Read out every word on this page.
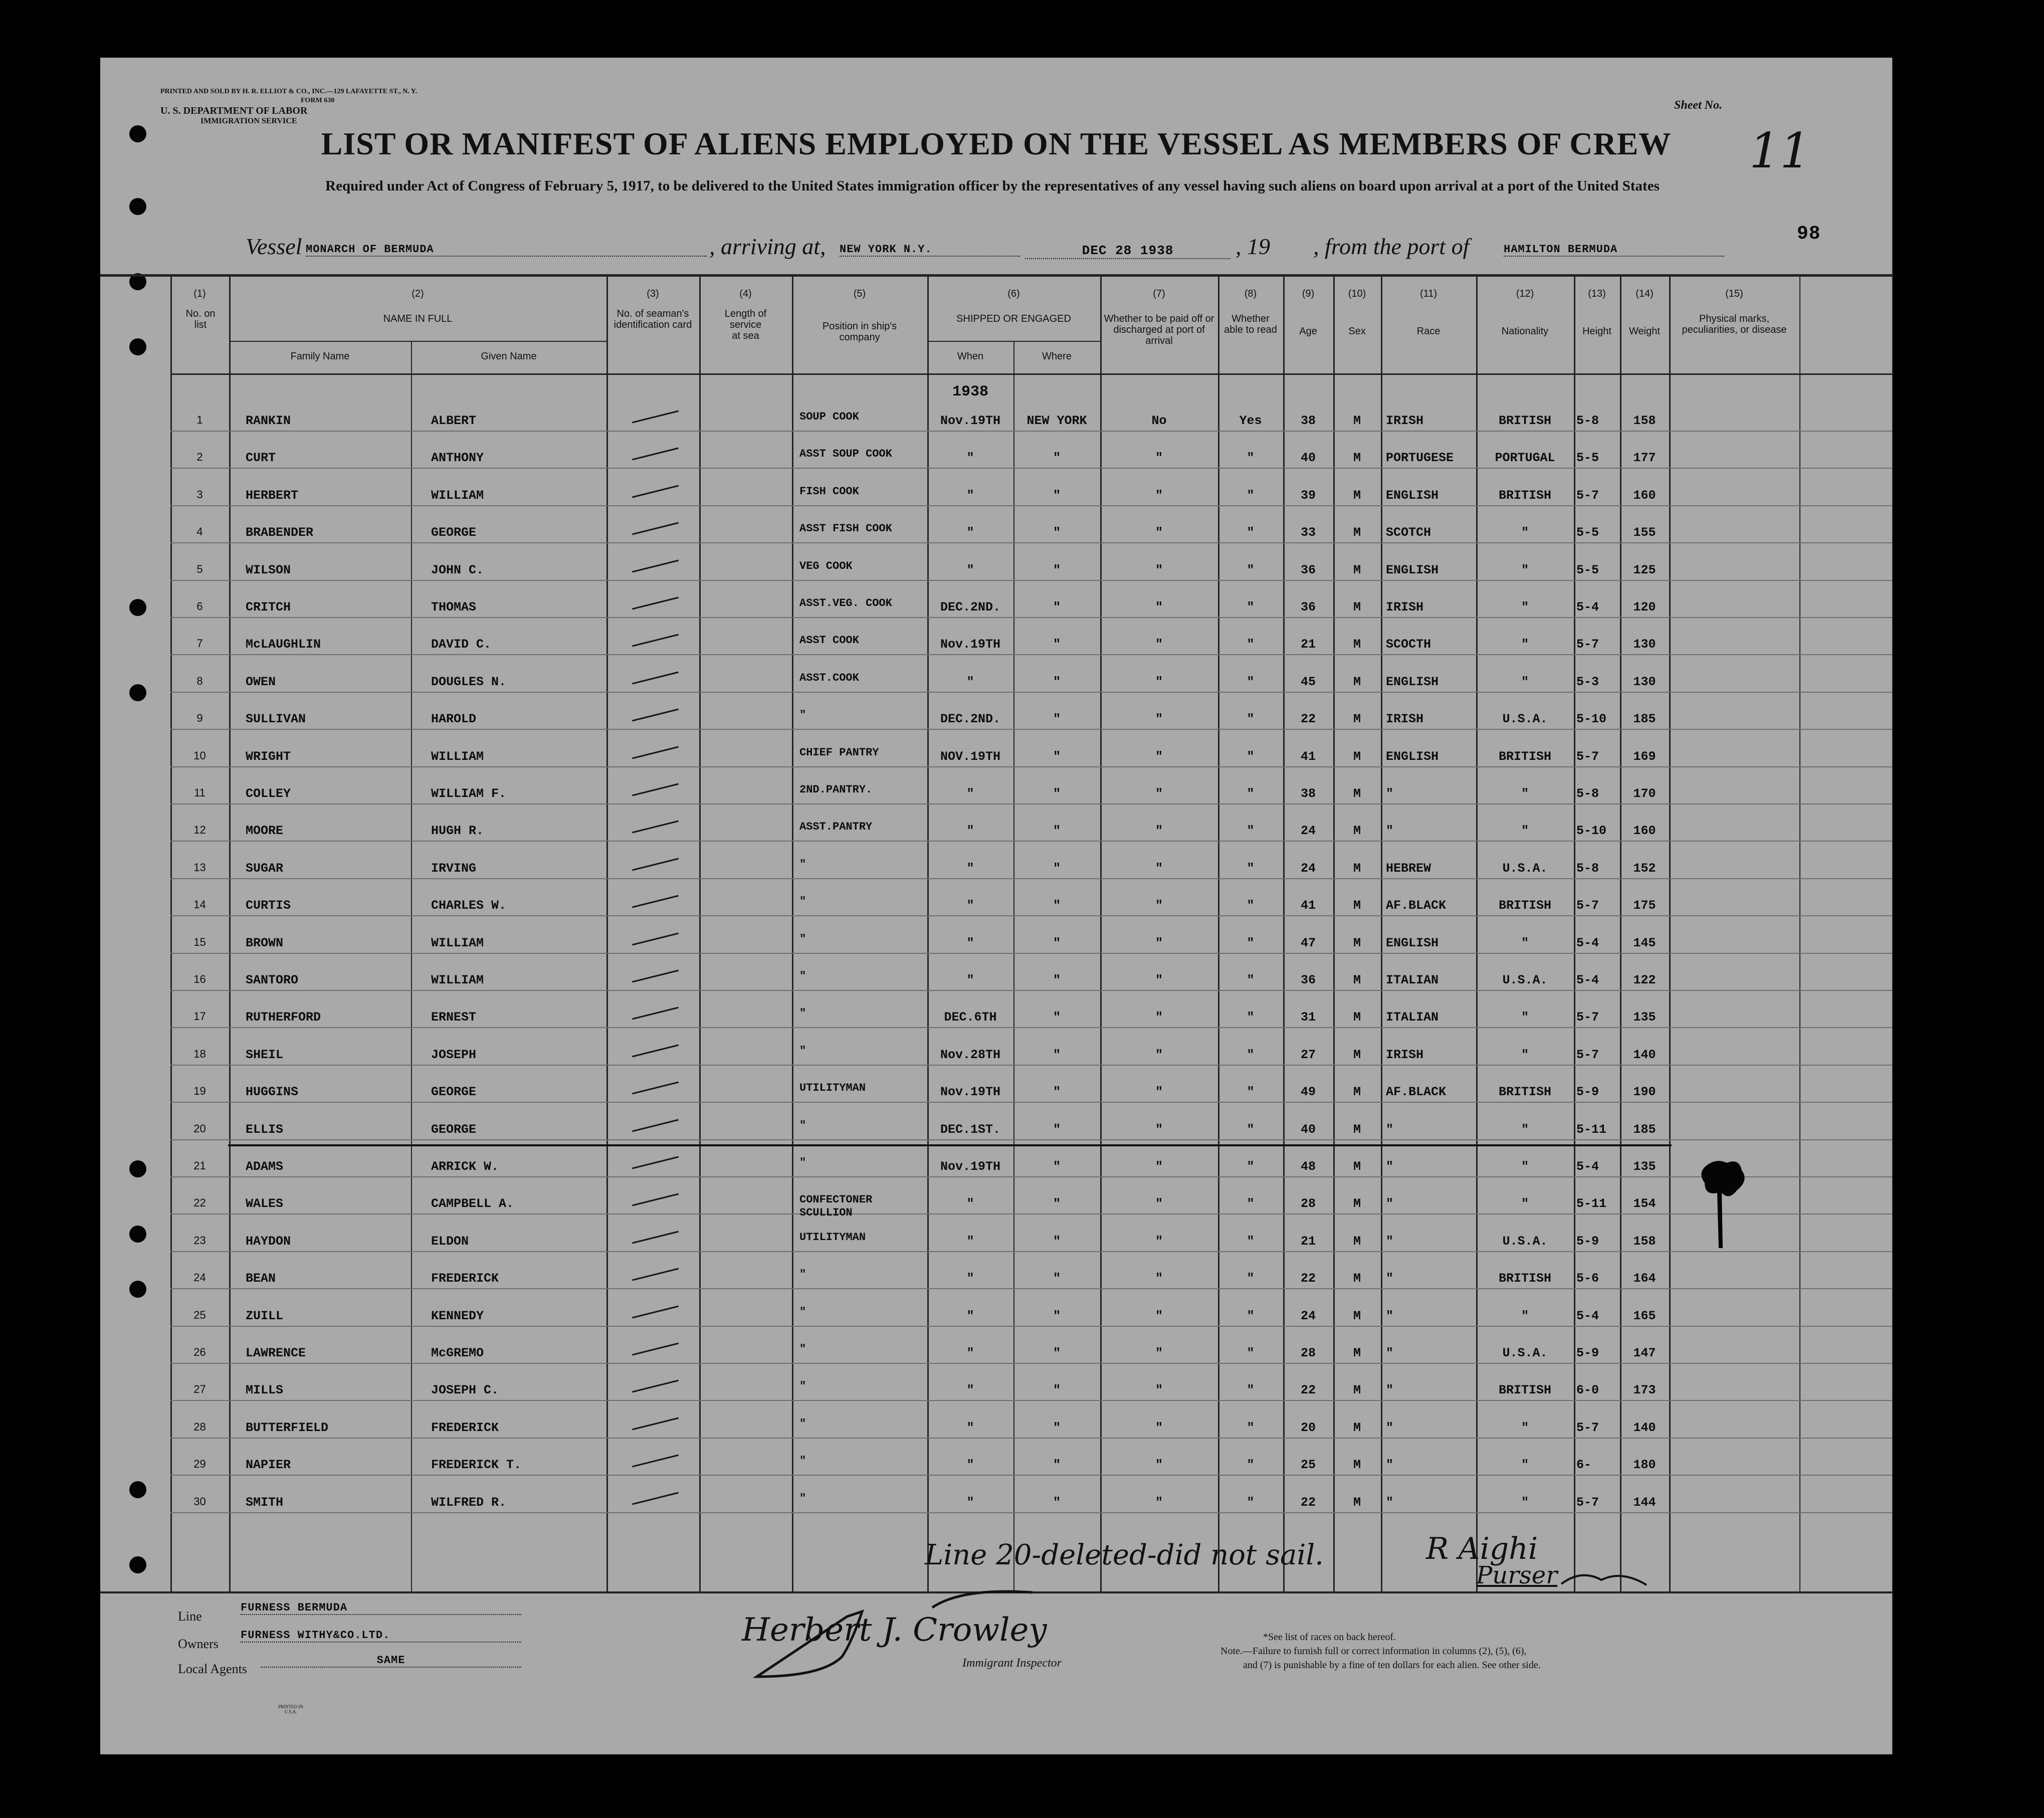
PRINTED AND SOLD BY H. R. ELLIOT & CO., INC.—129 LAFAYETTE ST., N. Y.
FORM 630
U. S. DEPARTMENT OF LABOR
IMMIGRATION SERVICE
Sheet No.
11
LIST OR MANIFEST OF ALIENS EMPLOYED ON THE VESSEL AS MEMBERS OF CREW
Required under Act of Congress of February 5, 1917, to be delivered to the United States immigration officer by the representatives of any vessel having such aliens on board upon arrival at a port of the United States
Vessel MONARCH OF BERMUDA	, arriving at, NEW YORK N.Y.	DEC 28 1938	, 19 , from the port of	HAMILTON BERMUDA
98
(1)
No. on list
(2)
NAME IN FULL
Family Name	Given Name
(3)
No. of seaman's identification card
(4)
Length of service at sea
(5)
Position in ship's company
(6)
SHIPPED OR ENGAGED
When	Where
(7)
Whether to be paid off or discharged at port of arrival
(8)
Whether able to read
(9)
Age
(10)
Sex
(11)
Race
(12)
Nationality
(13)
Height
(14)
Weight
(15)
Physical marks, peculiarities, or disease
1938
1	RANKIN	ALBERT	SOUP COOK	Nov.19TH	NEW YORK	No	Yes	38	M	IRISH	BRITISH	5-8	158
2	CURT	ANTHONY	ASST SOUP COOK	"	"	"	"	40	M	PORTUGESE	PORTUGAL	5-5	177
3	HERBERT	WILLIAM	FISH COOK	"	"	"	"	39	M	ENGLISH	BRITISH	5-7	160
4	BRABENDER	GEORGE	ASST FISH COOK	"	"	"	"	33	M	SCOTCH	"	5-5	155
5	WILSON	JOHN C.	VEG COOK	"	"	"	"	36	M	ENGLISH	"	5-5	125
6	CRITCH	THOMAS	ASST.VEG. COOK	DEC.2ND.	"	"	"	36	M	IRISH	"	5-4	120
7	McLAUGHLIN	DAVID C.	ASST COOK	Nov.19TH	"	"	"	21	M	SCOCTH	"	5-7	130
8	OWEN	DOUGLES N.	ASST.COOK	"	"	"	"	45	M	ENGLISH	"	5-3	130
9	SULLIVAN	HAROLD	"	DEC.2ND.	"	"	"	22	M	IRISH	U.S.A.	5-10	185
10	WRIGHT	WILLIAM	CHIEF PANTRY	NOV.19TH	"	"	"	41	M	ENGLISH	BRITISH	5-7	169
11	COLLEY	WILLIAM F.	2ND.PANTRY.	"	"	"	"	38	M	"	"	5-8	170
12	MOORE	HUGH R.	ASST.PANTRY	"	"	"	"	24	M	"	"	5-10	160
13	SUGAR	IRVING	"	"	"	"	"	24	M	HEBREW	U.S.A.	5-8	152
14	CURTIS	CHARLES W.	"	"	"	"	"	41	M	AF.BLACK	BRITISH	5-7	175
15	BROWN	WILLIAM	"	"	"	"	"	47	M	ENGLISH	"	5-4	145
16	SANTORO	WILLIAM	"	"	"	"	"	36	M	ITALIAN	U.S.A.	5-4	122
17	RUTHERFORD	ERNEST	"	DEC.6TH	"	"	"	31	M	ITALIAN	"	5-7	135
18	SHEIL	JOSEPH	"	Nov.28TH	"	"	"	27	M	IRISH	"	5-7	140
19	HUGGINS	GEORGE	UTILITYMAN	Nov.19TH	"	"	"	49	M	AF.BLACK	BRITISH	5-9	190
20	ELLIS	GEORGE	"	DEC.1ST.	"	"	"	40	M	"	"	5-11	185
21	ADAMS	ARRICK W.	"	Nov.19TH	"	"	"	48	M	"	"	5-4	135
22	WALES	CAMPBELL A.	CONFECTONER SCULLION
"	"	"	"	28	M	"	"	5-11	154
23	HAYDON	ELDON	UTILITYMAN	"	"	"	"	21	M	"	U.S.A.	5-9	158
24	BEAN	FREDERICK	"	"	"	"	"	22	M	"	BRITISH	5-6	164
25	ZUILL	KENNEDY	"	"	"	"	"	24	M	"	"	5-4	165
26	LAWRENCE	McGREMO	"	"	"	"	"	28	M	"	U.S.A.	5-9	147
27	MILLS	JOSEPH C.	"	"	"	"	"	22	M	"	BRITISH	6-0	173
28	BUTTERFIELD	FREDERICK	"	"	"	"	"	20	M	"	"	5-7	140
29	NAPIER	FREDERICK T.	"	"	"	"	"	25	M	"	"	6-	180
30	SMITH	WILFRED R.	"	"	"	"	"	22	M	"	"	5-7	144
Line 20-deleted-did not sail.	R Aighi
Purser
Line
FURNESS BERMUDA
Owners
FURNESS WITHY&CO.LTD.
Local Agents
SAME
PRINTED IN U.S.A.
Herbert J. Crowley
Immigrant Inspector
*See list of races on back hereof.
Note.—Failure to furnish full or correct information in columns (2), (5), (6),
and (7) is punishable by a fine of ten dollars for each alien. See other side.
